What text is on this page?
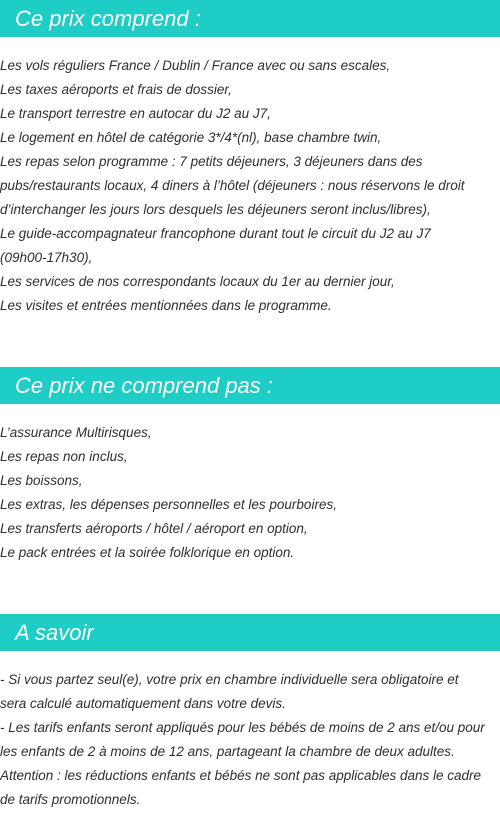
Ce prix comprend :
Les vols réguliers France / Dublin / France avec ou sans escales,
Les taxes aéroports et frais de dossier,
Le transport terrestre en autocar du J2 au J7,
Le logement en hôtel de catégorie 3*/4*(nl), base chambre twin,
Les repas selon programme : 7 petits déjeuners, 3 déjeuners dans des
pubs/restaurants locaux, 4 diners à l’hôtel (déjeuners : nous réservons le droit
d’interchanger les jours lors desquels les déjeuners seront inclus/libres),
Le guide-accompagnateur francophone durant tout le circuit du J2 au J7
(09h00-17h30),
Les services de nos correspondants locaux du 1er au dernier jour,
Les visites et entrées mentionnées dans le programme.
Ce prix ne comprend pas :
L’assurance Multirisques,
Les repas non inclus,
Les boissons,
Les extras, les dépenses personnelles et les pourboires,
Les transferts aéroports / hôtel / aéroport en option,
Le pack entrées et la soirée folklorique en option.
A savoir
- Si vous partez seul(e), votre prix en chambre individuelle sera obligatoire et
sera calculé automatiquement dans votre devis.
- Les tarifs enfants seront appliqués pour les bébés de moins de 2 ans et/ou pour
les enfants de 2 à moins de 12 ans, partageant la chambre de deux adultes.
Attention : les réductions enfants et bébés ne sont pas applicables dans le cadre
de tarifs promotionnels.
